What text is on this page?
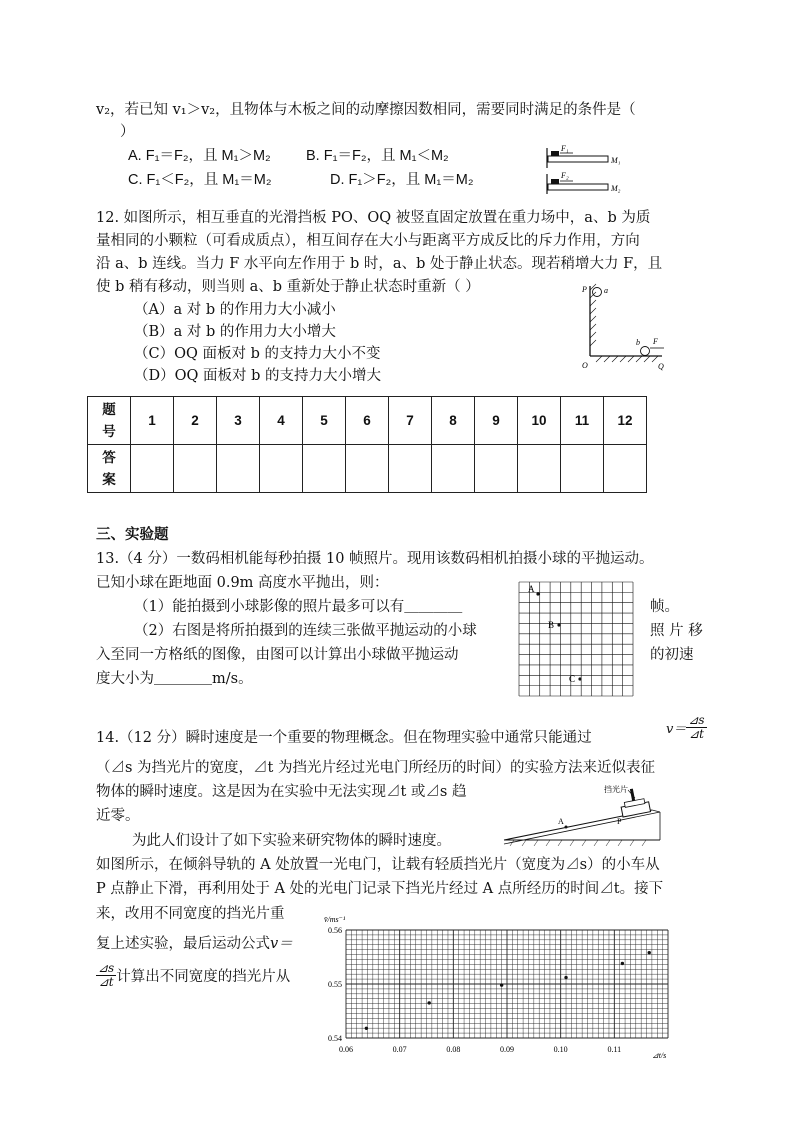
v₂，若已知 v₁＞v₂，且物体与木板之间的动摩擦因数相同，需要同时满足的条件是（
）
A. F₁＝F₂，且 M₁＞M₂ B. F₁＝F₂，且 M₁＜M₂
C. F₁＜F₂，且 M₁＝M₂	D. F₁＞F₂，且 M₁＝M₂
F₁
M₁
F₂
M₂
12. 如图所示，相互垂直的光滑挡板 PO、OQ 被竖直固定放置在重力场中，a、b 为质
量相同的小颗粒（可看成质点），相互间存在大小与距离平方成反比的斥力作用，方向
沿 a、b 连线。当力 F 水平向左作用于 b 时，a、b 处于静止状态。现若稍增大力 F，且
使 b 稍有移动，则当则 a、b 重新处于静止状态时重新（ ）
（A）a 对 b 的作用力大小减小
（B）a 对 b 的作用力大小增大
（C）OQ 面板对 b 的支持力大小不变
（D）OQ 面板对 b 的支持力大小增大
P a
b F
O	Q
题
号	1	2	3	4	5	6	7	8	9	10	11	12
答
案												
三、实验题
13.（4 分）一数码相机能每秒拍摄 10 帧照片。现用该数码相机拍摄小球的平抛运动。
已知小球在距地面 0.9m 高度水平抛出，则：
（1）能拍摄到小球影像的照片最多可以有＿＿＿＿	帧。
（2）右图是将所拍摄到的连续三张做平抛运动的小球	照 片 移
入至同一方格纸的图像，由图可以计算出小球做平抛运动	的初速
度大小为＿＿＿＿m/s。
A
B
C
14.（12 分）瞬时速度是一个重要的物理概念。但在物理实验中通常只能通过
$v= \frac{⊿s}{⊿t}$
（⊿s 为挡光片的宽度，⊿t 为挡光片经过光电门所经历的时间）的实验方法来近似表征
物体的瞬时速度。这是因为在实验中无法实现⊿t 或⊿s 趋
近零。
为此人们设计了如下实验来研究物体的瞬时速度。
如图所示，在倾斜导轨的 A 处放置一光电门，让载有轻质挡光片（宽度为⊿s）的小车从
P 点静止下滑，再利用处于 A 处的光电门记录下挡光片经过 A 点所经历的时间⊿t。接下
来，改用不同宽度的挡光片重
复上述实验，最后运动公式v＝
$\frac{⊿s}{⊿t}$ 计算出不同宽度的挡光片从
A	P
挡光片
0.06	0.07	0.08	0.09	0.10	0.11
0.54
0.55
0.56
v̄/ms⁻¹
⊿t/s
